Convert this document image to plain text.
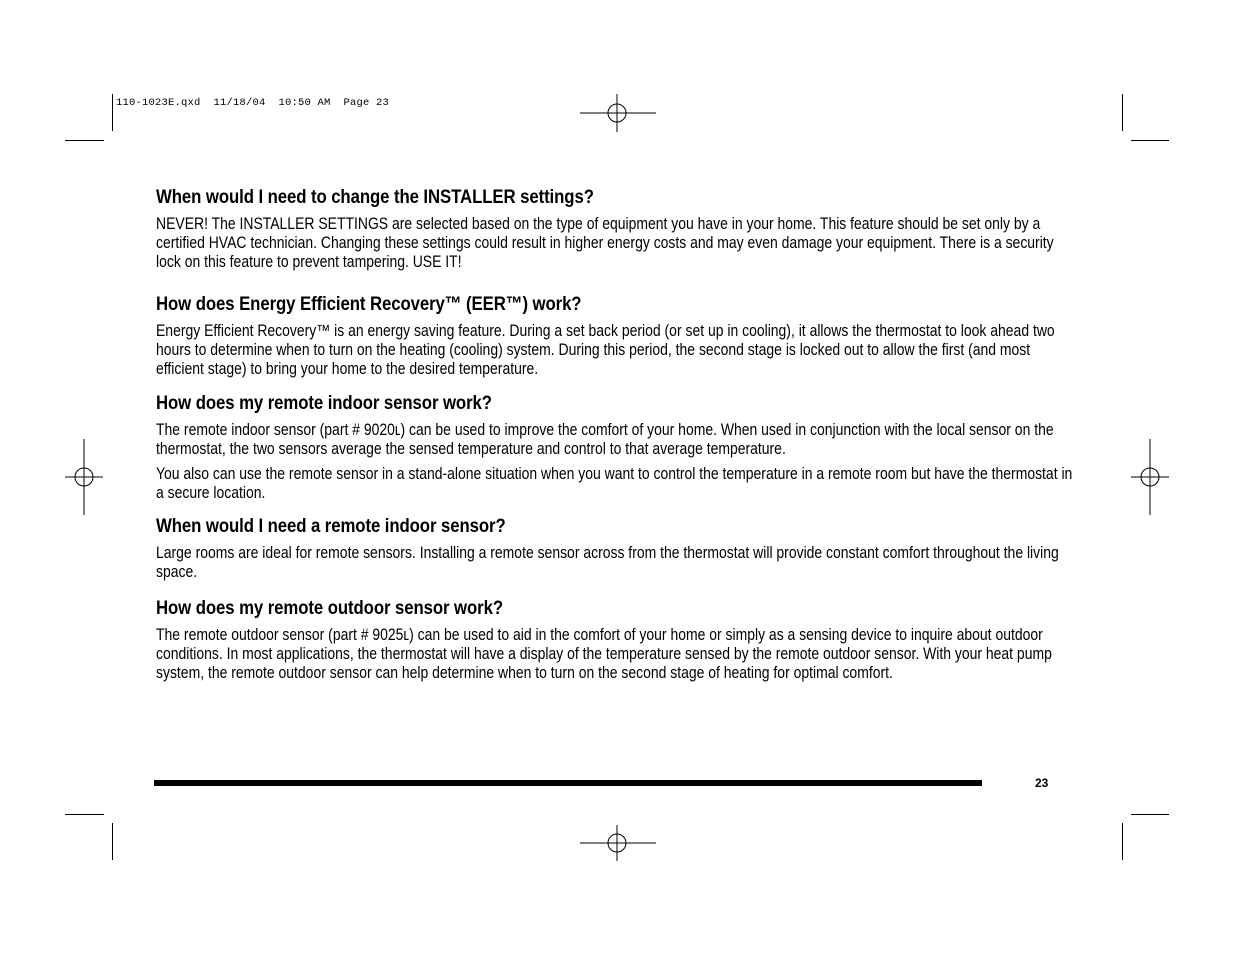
110-1023E.qxd  11/18/04  10:50 AM  Page 23
When would I need to change the INSTALLER settings?

NEVER! The INSTALLER SETTINGS are selected based on the type of equipment you have in your home. This feature should be set only by a certified HVAC technician. Changing these settings could result in higher energy costs and may even damage your equipment. There is a security lock on this feature to prevent tampering. USE IT!

How does Energy Efficient Recovery™ (EER™) work?

Energy Efficient Recovery™ is an energy saving feature. During a set back period (or set up in cooling), it allows the thermostat to look ahead two hours to determine when to turn on the heating (cooling) system. During this period, the second stage is locked out to allow the first (and most efficient stage) to bring your home to the desired temperature.

How does my remote indoor sensor work?

The remote indoor sensor (part # 9020ʟ) can be used to improve the comfort of your home. When used in conjunction with the local sensor on the thermostat, the two sensors average the sensed temperature and control to that average temperature.

You also can use the remote sensor in a stand-alone situation when you want to control the temperature in a remote room but have the thermostat in a secure location.

When would I need a remote indoor sensor?

Large rooms are ideal for remote sensors. Installing a remote sensor across from the thermostat will provide constant comfort throughout the living space.

How does my remote outdoor sensor work?

The remote outdoor sensor (part # 9025ʟ) can be used to aid in the comfort of your home or simply as a sensing device to inquire about outdoor conditions. In most applications, the thermostat will have a display of the temperature sensed by the remote outdoor sensor. With your heat pump system, the remote outdoor sensor can help determine when to turn on the second stage of heating for optimal comfort.

23
